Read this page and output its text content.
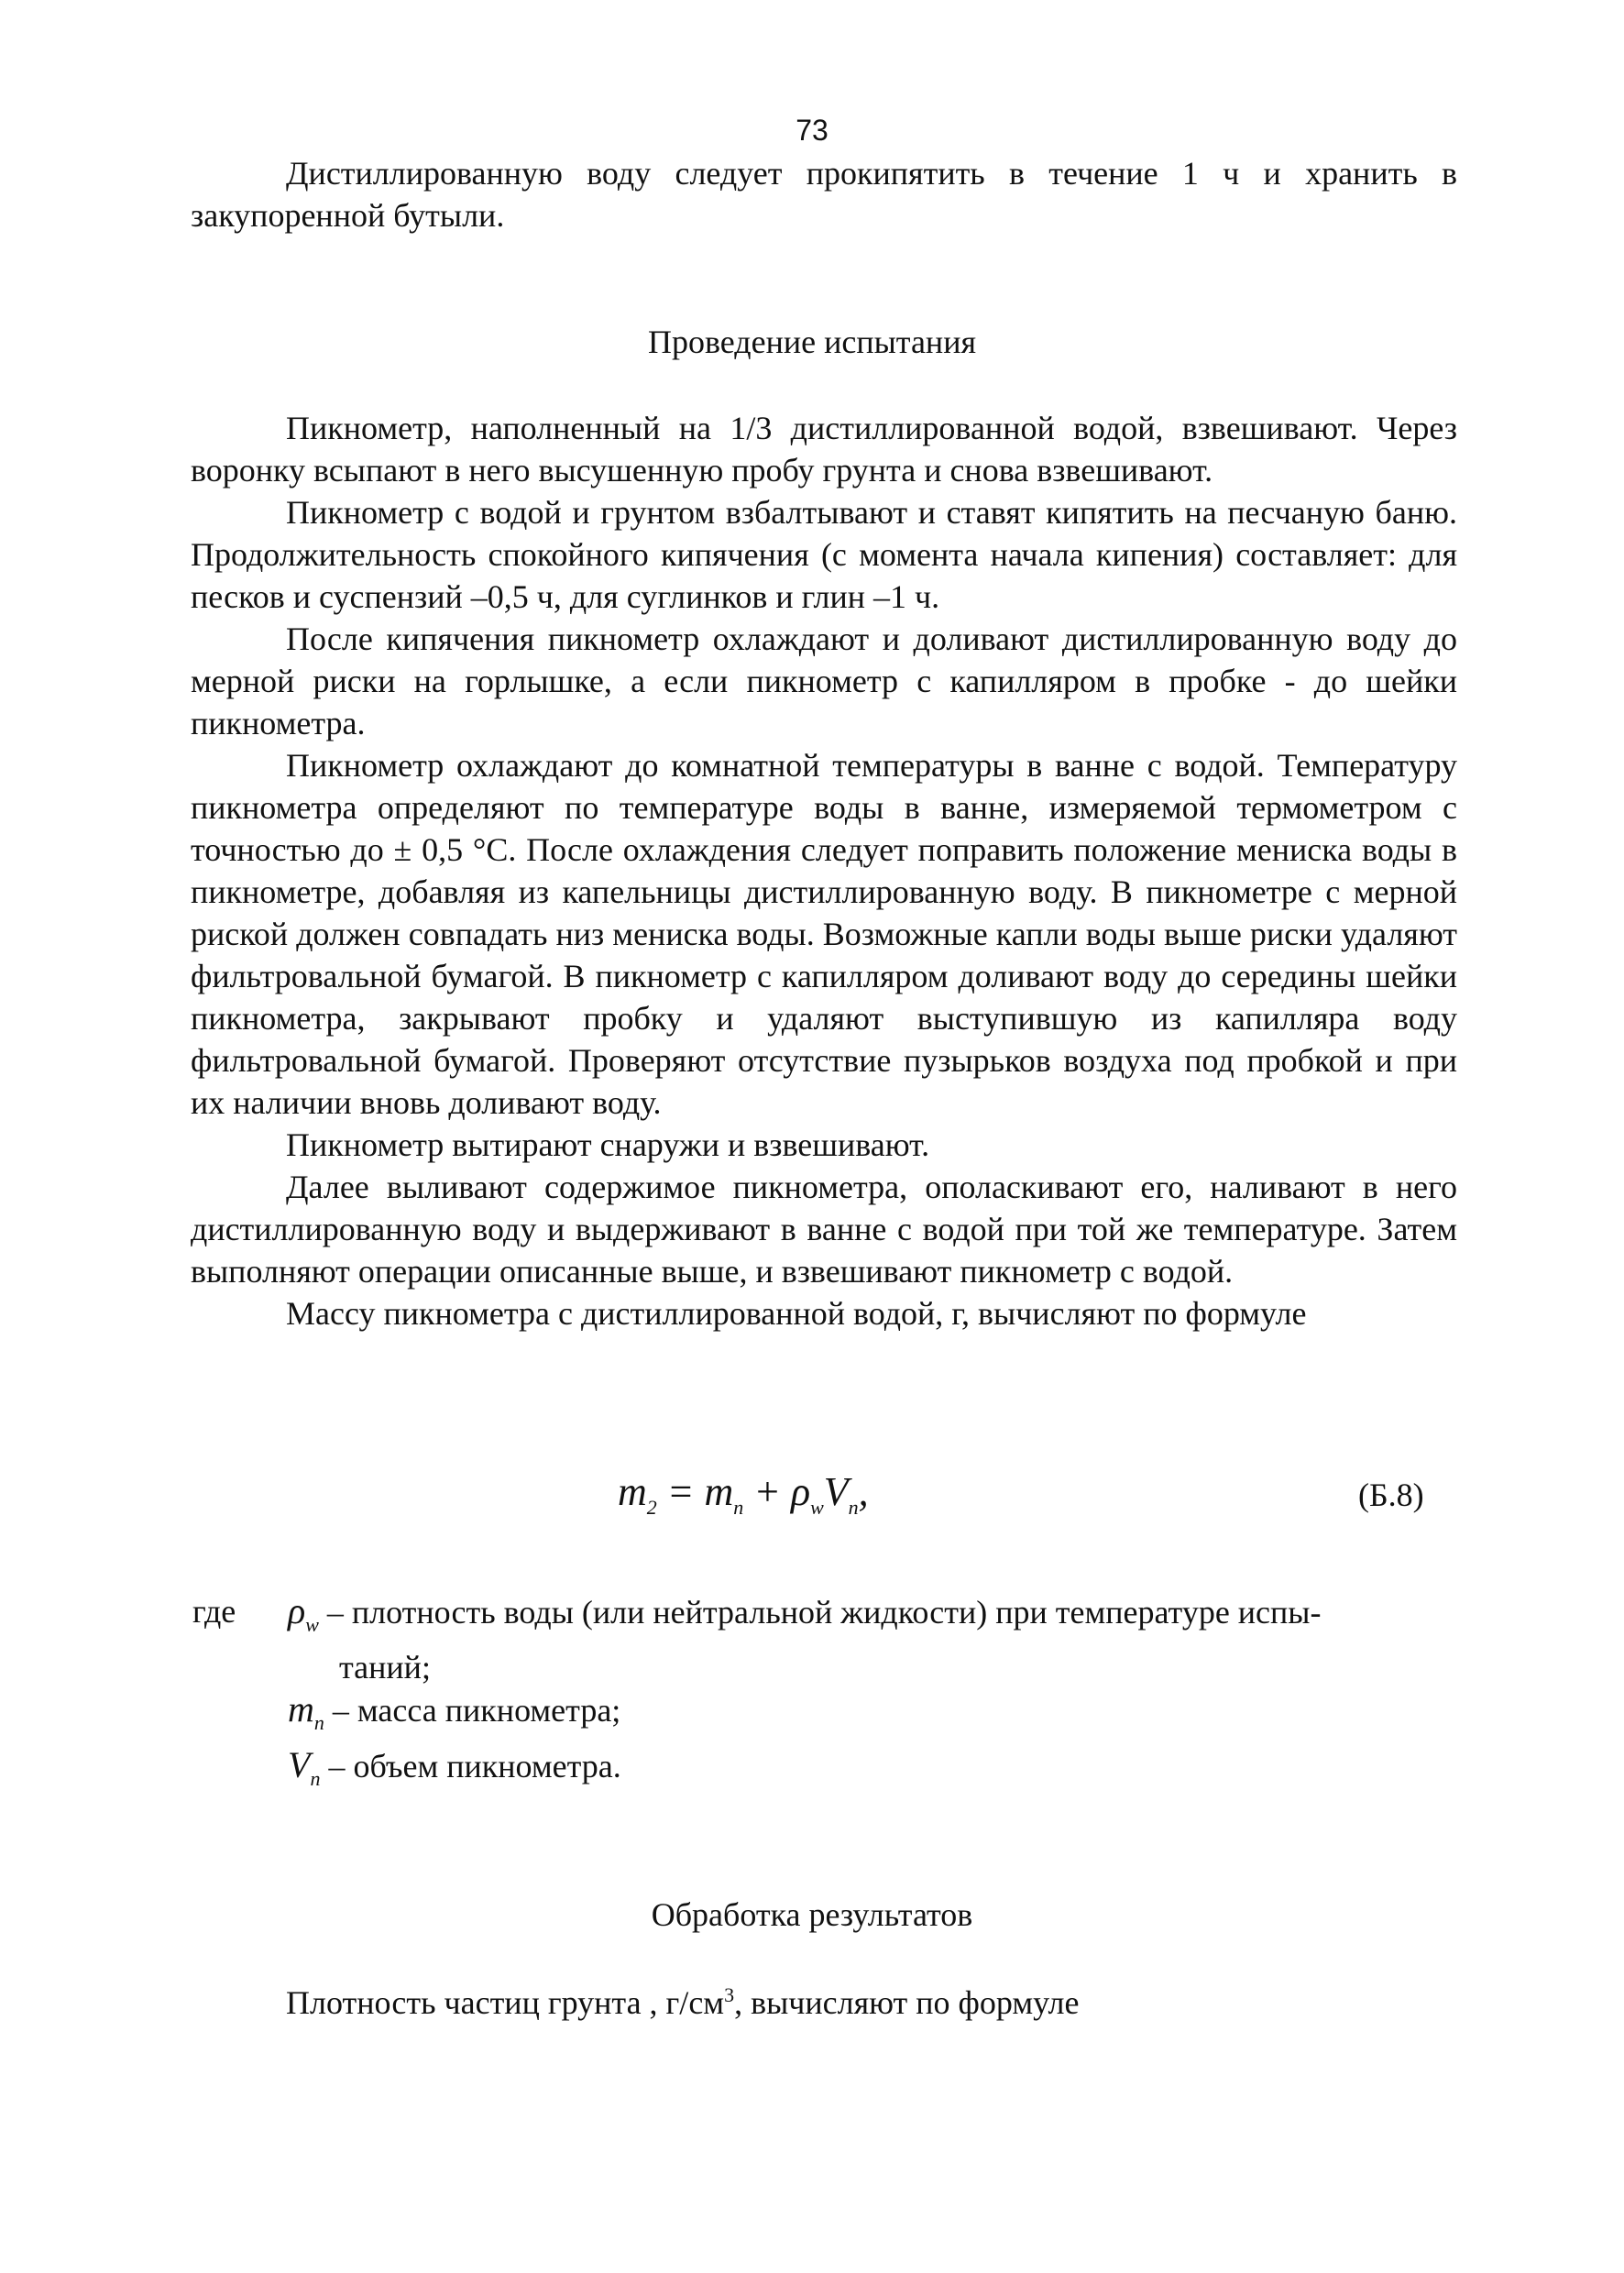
73

Дистиллированную воду следует прокипятить в течение 1 ч и хранить в

закупоренной бутыли.

Проведение испытания

Пикнометр, наполненный на 1/3 дистиллированной водой, взвешивают. Через воронку всыпают в него высушенную пробу грунта и снова взвешивают.

Пикнометр с водой и грунтом взбалтывают и ставят кипятить на песчаную баню. Продолжительность спокойного кипячения (с момента начала кипения) составляет: для песков и суспензий –0,5 ч, для суглинков и глин –1 ч.

После кипячения пикнометр охлаждают и доливают дистиллированную воду до мерной риски на горлышке, а если пикнометр с капилляром в пробке - до шейки пикнометра.

Пикнометр охлаждают до комнатной температуры в ванне с водой. Температуру пикнометра определяют по температуре воды в ванне, измеряемой термометром с точностью до ± 0,5 °С. После охлаждения следует поправить положение мениска воды в пикнометре, добавляя из капельницы дистиллированную воду. В пикнометре с мерной риской должен совпадать низ мениска воды. Возможные капли воды выше риски удаляют фильтровальной бумагой. В пикнометр с капилляром доливают воду до середины шейки пикнометра, закрывают пробку и удаляют выступившую из капилляра воду фильтровальной бумагой. Проверяют отсутствие пузырьков воздуха под пробкой и при их наличии вновь доливают воду.

Пикнометр вытирают снаружи и взвешивают.

Далее выливают содержимое пикнометра, ополаскивают его, наливают в него дистиллированную воду и выдерживают в ванне с водой при той же температуре. Затем выполняют операции описанные выше, и взвешивают пикнометр с водой.

Массу пикнометра с дистиллированной водой, г, вычисляют по формуле

$m_2 = m_n + \rho_wV_n$,	(Б.8)
где	$\rho_w$ – плотность воды (или нейтральной жидкости) при температуре испы-
таний;
$m_n$ – масса пикнометра;
$V_n$ – объем пикнометра.
Обработка результатов
Плотность частиц грунта , $г/см^3$, вычисляют по формуле
